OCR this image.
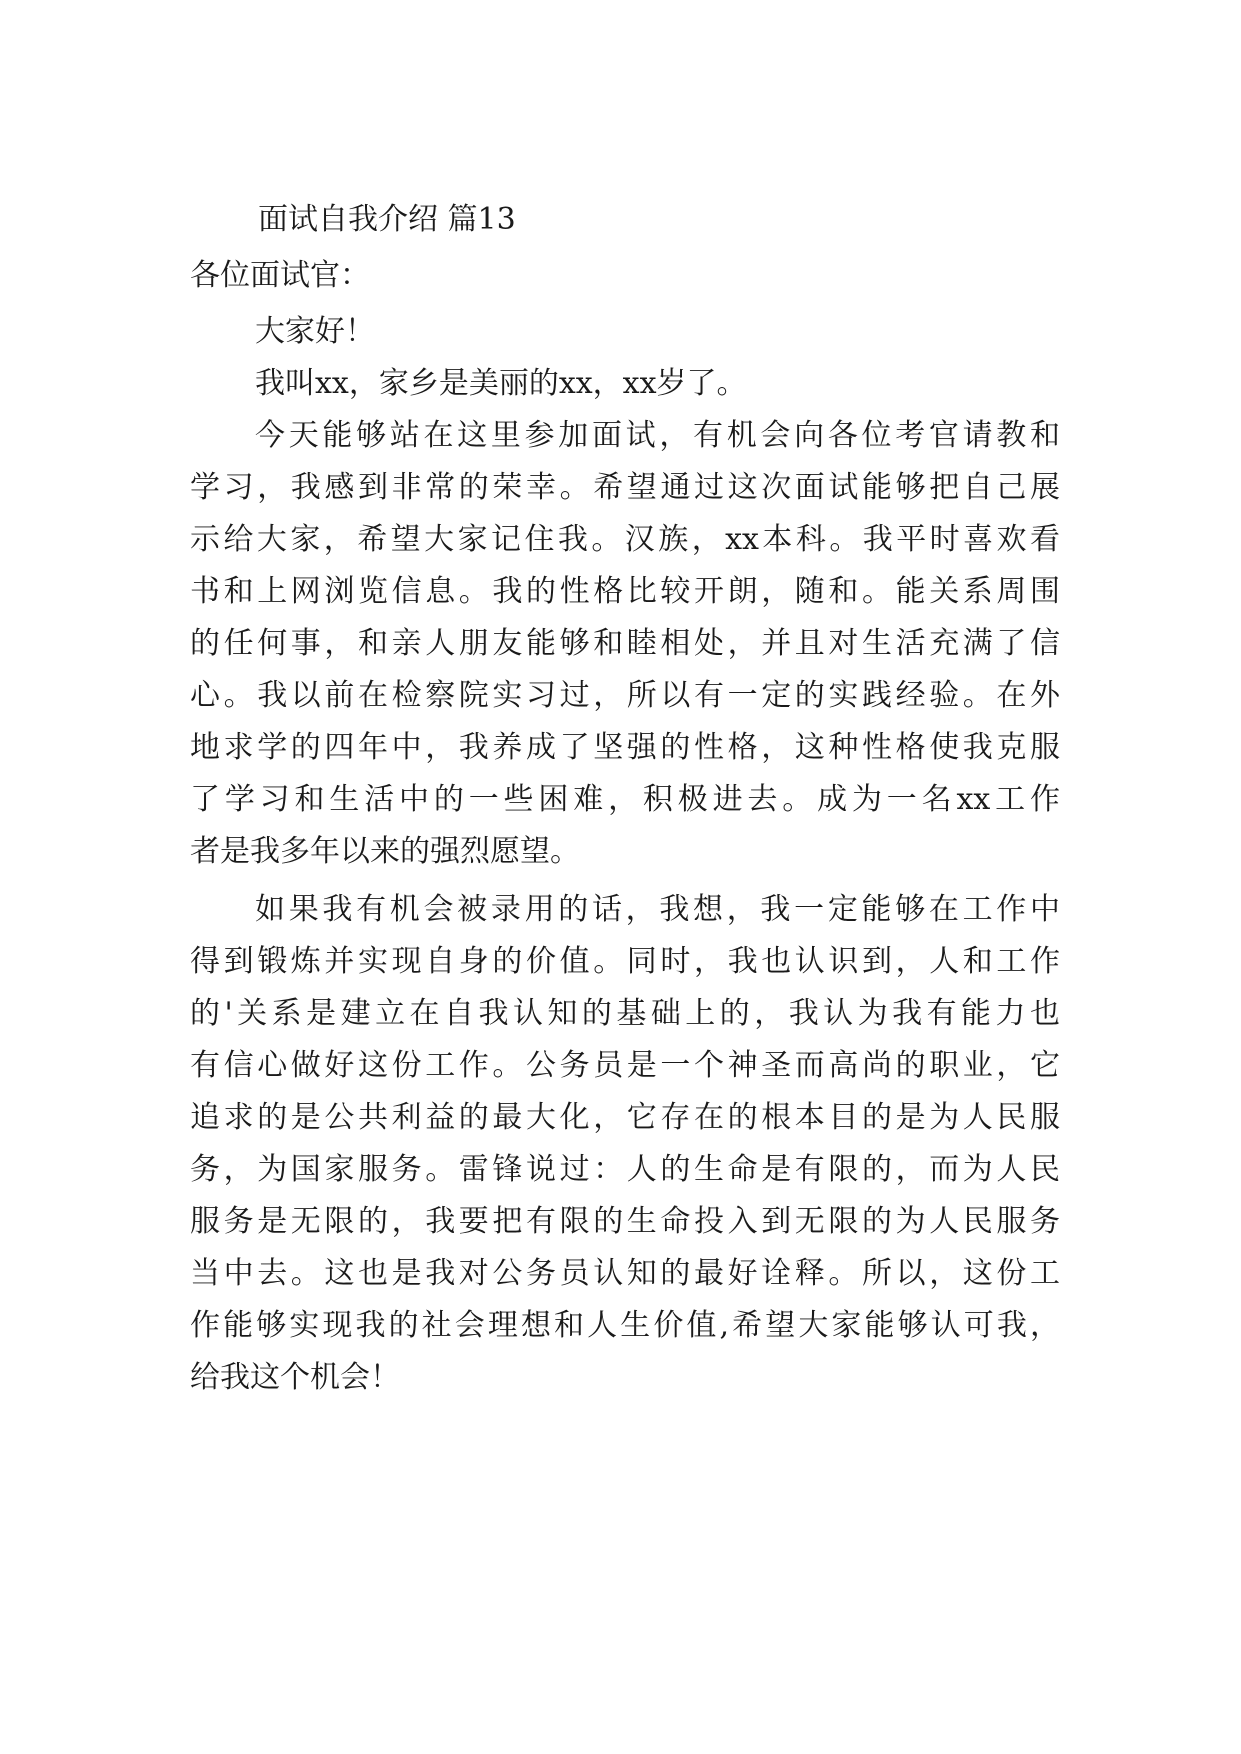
面试自我介绍 篇13
各位面试官：
大家好！
我叫xx，家乡是美丽的xx，xx岁了。
今天能够站在这里参加面试，有机会向各位考官请教和
学习，我感到非常的荣幸。希望通过这次面试能够把自己展
示给大家，希望大家记住我。汉族，xx本科。我平时喜欢看
书和上网浏览信息。我的性格比较开朗，随和。能关系周围
的任何事，和亲人朋友能够和睦相处，并且对生活充满了信
心。我以前在检察院实习过，所以有一定的实践经验。在外
地求学的四年中，我养成了坚强的性格，这种性格使我克服
了学习和生活中的一些困难，积极进去。成为一名xx工作
者是我多年以来的强烈愿望。
如果我有机会被录用的话，我想，我一定能够在工作中
得到锻炼并实现自身的价值。同时，我也认识到，人和工作
的'关系是建立在自我认知的基础上的，我认为我有能力也
有信心做好这份工作。公务员是一个神圣而高尚的职业，它
追求的是公共利益的最大化，它存在的根本目的是为人民服
务，为国家服务。雷锋说过：人的生命是有限的，而为人民
服务是无限的，我要把有限的生命投入到无限的为人民服务
当中去。这也是我对公务员认知的最好诠释。所以，这份工
作能够实现我的社会理想和人生价值,希望大家能够认可我，
给我这个机会！
